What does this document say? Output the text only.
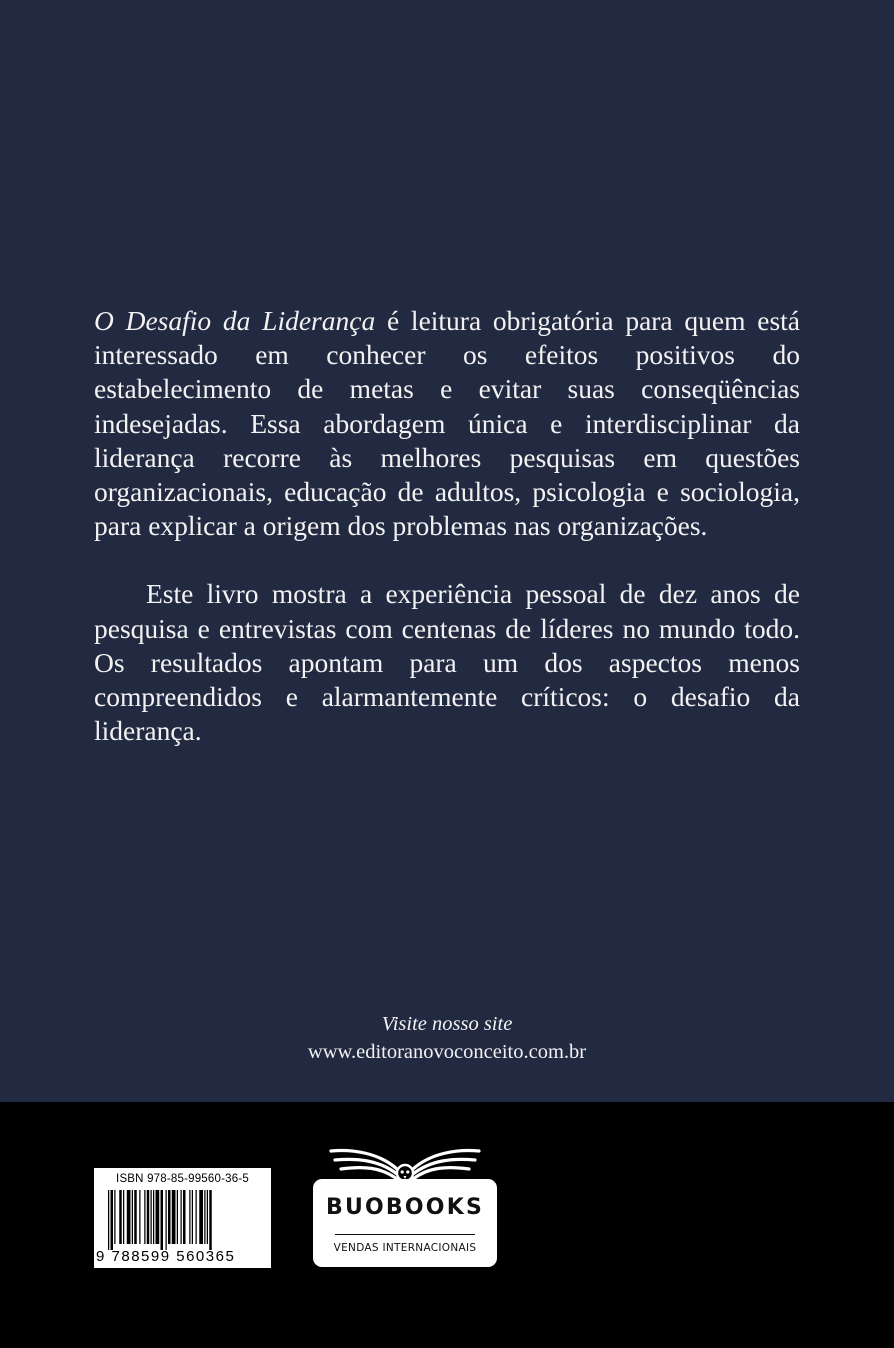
O Desafio da Liderança é leitura obrigatória para quem está interessado em conhecer os efeitos positivos do estabelecimento de metas e evitar suas conseqüências indesejadas. Essa abordagem única e interdisciplinar da liderança recorre às melhores pesquisas em questões organizacionais, educação de adultos, psicologia e sociologia, para explicar a origem dos problemas nas organizações.

Este livro mostra a experiência pessoal de dez anos de pesquisa e entrevistas com centenas de líderes no mundo todo. Os resultados apontam para um dos aspectos menos compreendidos e alarmantemente críticos: o desafio da liderança.

Visite nosso site
www.editoranovoconceito.com.br
ISBN 978-85-99560-36-5
9 788599 560365
BUOBOOKS
VENDAS INTERNACIONAIS
